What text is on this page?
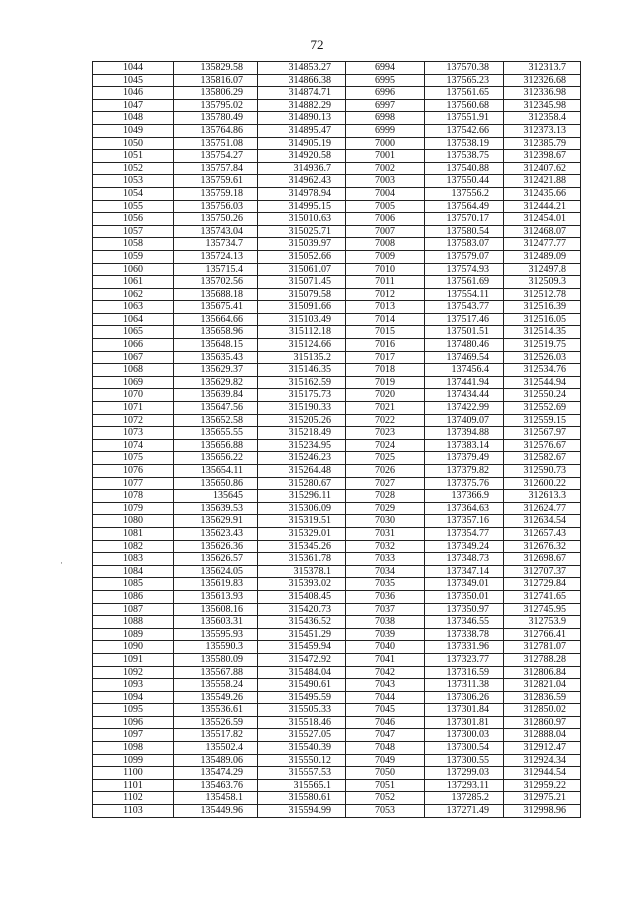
72
1044	135829.58	314853.27	6994	137570.38	312313.7
1045	135816.07	314866.38	6995	137565.23	312326.68
1046	135806.29	314874.71	6996	137561.65	312336.98
1047	135795.02	314882.29	6997	137560.68	312345.98
1048	135780.49	314890.13	6998	137551.91	312358.4
1049	135764.86	314895.47	6999	137542.66	312373.13
1050	135751.08	314905.19	7000	137538.19	312385.79
1051	135754.27	314920.58	7001	137538.75	312398.67
1052	135757.84	314936.7	7002	137540.88	312407.62
1053	135759.61	314962.43	7003	137550.44	312421.88
1054	135759.18	314978.94	7004	137556.2	312435.66
1055	135756.03	314995.15	7005	137564.49	312444.21
1056	135750.26	315010.63	7006	137570.17	312454.01
1057	135743.04	315025.71	7007	137580.54	312468.07
1058	135734.7	315039.97	7008	137583.07	312477.77
1059	135724.13	315052.66	7009	137579.07	312489.09
1060	135715.4	315061.07	7010	137574.93	312497.8
1061	135702.56	315071.45	7011	137561.69	312509.3
1062	135688.18	315079.58	7012	137554.11	312512.78
1063	135675.41	315091.66	7013	137543.77	312516.39
1064	135664.66	315103.49	7014	137517.46	312516.05
1065	135658.96	315112.18	7015	137501.51	312514.35
1066	135648.15	315124.66	7016	137480.46	312519.75
1067	135635.43	315135.2	7017	137469.54	312526.03
1068	135629.37	315146.35	7018	137456.4	312534.76
1069	135629.82	315162.59	7019	137441.94	312544.94
1070	135639.84	315175.73	7020	137434.44	312550.24
1071	135647.56	315190.33	7021	137422.99	312552.69
1072	135652.58	315205.26	7022	137409.07	312559.15
1073	135655.55	315218.49	7023	137394.88	312567.97
1074	135656.88	315234.95	7024	137383.14	312576.67
1075	135656.22	315246.23	7025	137379.49	312582.67
1076	135654.11	315264.48	7026	137379.82	312590.73
1077	135650.86	315280.67	7027	137375.76	312600.22
1078	135645	315296.11	7028	137366.9	312613.3
1079	135639.53	315306.09	7029	137364.63	312624.77
1080	135629.91	315319.51	7030	137357.16	312634.54
1081	135623.43	315329.01	7031	137354.77	312657.43
1082	135626.36	315345.26	7032	137349.24	312676.32
1083	135626.57	315361.78	7033	137348.73	312698.67
1084	135624.05	315378.1	7034	137347.14	312707.37
1085	135619.83	315393.02	7035	137349.01	312729.84
1086	135613.93	315408.45	7036	137350.01	312741.65
1087	135608.16	315420.73	7037	137350.97	312745.95
1088	135603.31	315436.52	7038	137346.55	312753.9
1089	135595.93	315451.29	7039	137338.78	312766.41
1090	135590.3	315459.94	7040	137331.96	312781.07
1091	135580.09	315472.92	7041	137323.77	312788.28
1092	135567.88	315484.04	7042	137316.59	312806.84
1093	135558.24	315490.61	7043	137311.38	312821.04
1094	135549.26	315495.59	7044	137306.26	312836.59
1095	135536.61	315505.33	7045	137301.84	312850.02
1096	135526.59	315518.46	7046	137301.81	312860.97
1097	135517.82	315527.05	7047	137300.03	312888.04
1098	135502.4	315540.39	7048	137300.54	312912.47
1099	135489.06	315550.12	7049	137300.55	312924.34
1100	135474.29	315557.53	7050	137299.03	312944.54
1101	135463.76	315565.1	7051	137293.11	312959.22
1102	135458.1	315580.61	7052	137285.2	312975.21
1103	135449.96	315594.99	7053	137271.49	312998.96
·
